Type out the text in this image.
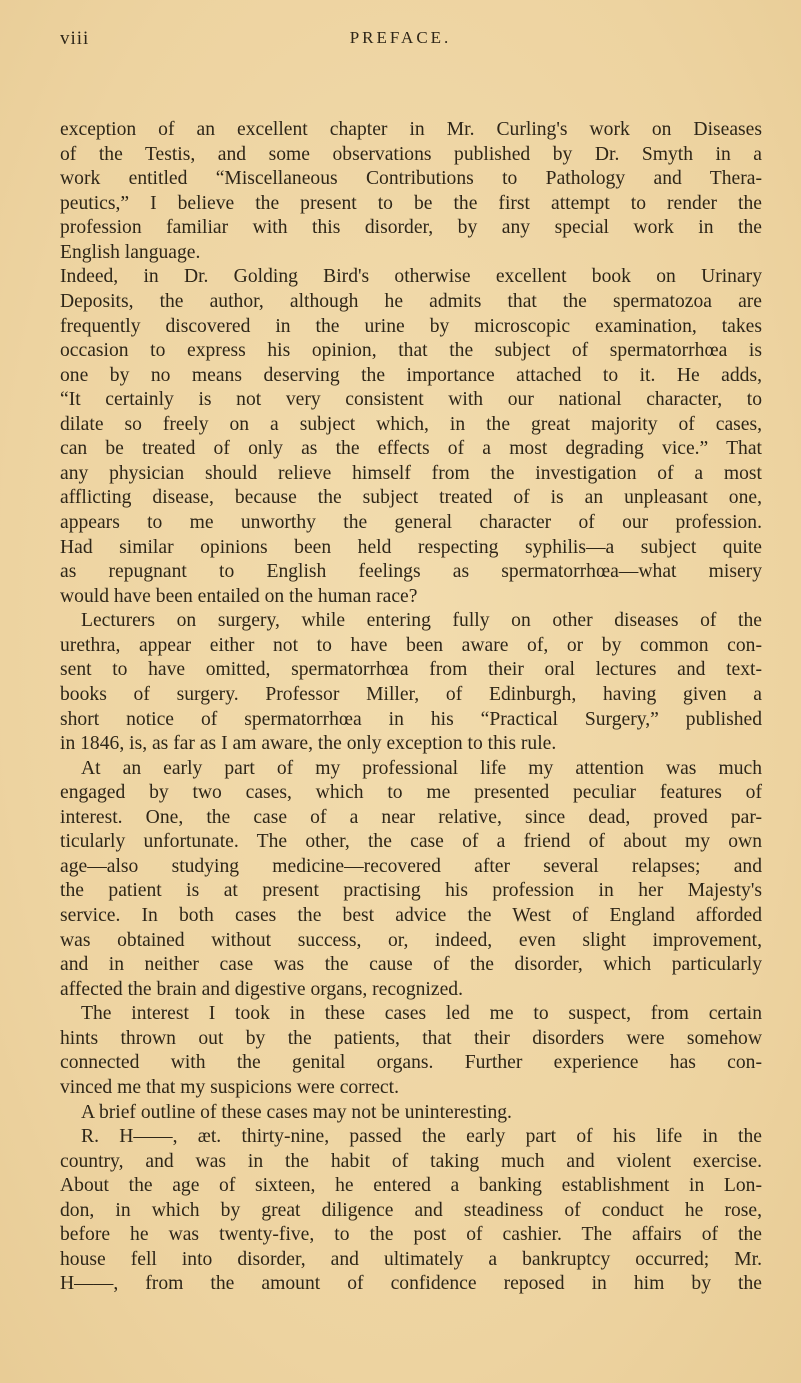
viii	PREFACE.
exception of an excellent chapter in Mr. Curling's work on Diseases
of the Testis, and some observations published by Dr. Smyth in a
work entitled “Miscellaneous Contributions to Pathology and Thera-
peutics,” I believe the present to be the first attempt to render the
profession familiar with this disorder, by any special work in the
English language.
Indeed, in Dr. Golding Bird's otherwise excellent book on Urinary
Deposits, the author, although he admits that the spermatozoa are
frequently discovered in the urine by microscopic examination, takes
occasion to express his opinion, that the subject of spermatorrhœa is
one by no means deserving the importance attached to it. He adds,
“It certainly is not very consistent with our national character, to
dilate so freely on a subject which, in the great majority of cases,
can be treated of only as the effects of a most degrading vice.” That
any physician should relieve himself from the investigation of a most
afflicting disease, because the subject treated of is an unpleasant one,
appears to me unworthy the general character of our profession.
Had similar opinions been held respecting syphilis—a subject quite
as repugnant to English feelings as spermatorrhœa—what misery
would have been entailed on the human race?
Lecturers on surgery, while entering fully on other diseases of the
urethra, appear either not to have been aware of, or by common con-
sent to have omitted, spermatorrhœa from their oral lectures and text-
books of surgery. Professor Miller, of Edinburgh, having given a
short notice of spermatorrhœa in his “Practical Surgery,” published
in 1846, is, as far as I am aware, the only exception to this rule.
At an early part of my professional life my attention was much
engaged by two cases, which to me presented peculiar features of
interest. One, the case of a near relative, since dead, proved par-
ticularly unfortunate. The other, the case of a friend of about my own
age—also studying medicine—recovered after several relapses; and
the patient is at present practising his profession in her Majesty's
service. In both cases the best advice the West of England afforded
was obtained without success, or, indeed, even slight improvement,
and in neither case was the cause of the disorder, which particularly
affected the brain and digestive organs, recognized.
The interest I took in these cases led me to suspect, from certain
hints thrown out by the patients, that their disorders were somehow
connected with the genital organs. Further experience has con-
vinced me that my suspicions were correct.
A brief outline of these cases may not be uninteresting.
R. H——, æt. thirty-nine, passed the early part of his life in the
country, and was in the habit of taking much and violent exercise.
About the age of sixteen, he entered a banking establishment in Lon-
don, in which by great diligence and steadiness of conduct he rose,
before he was twenty-five, to the post of cashier. The affairs of the
house fell into disorder, and ultimately a bankruptcy occurred; Mr.
H——, from the amount of confidence reposed in him by the
